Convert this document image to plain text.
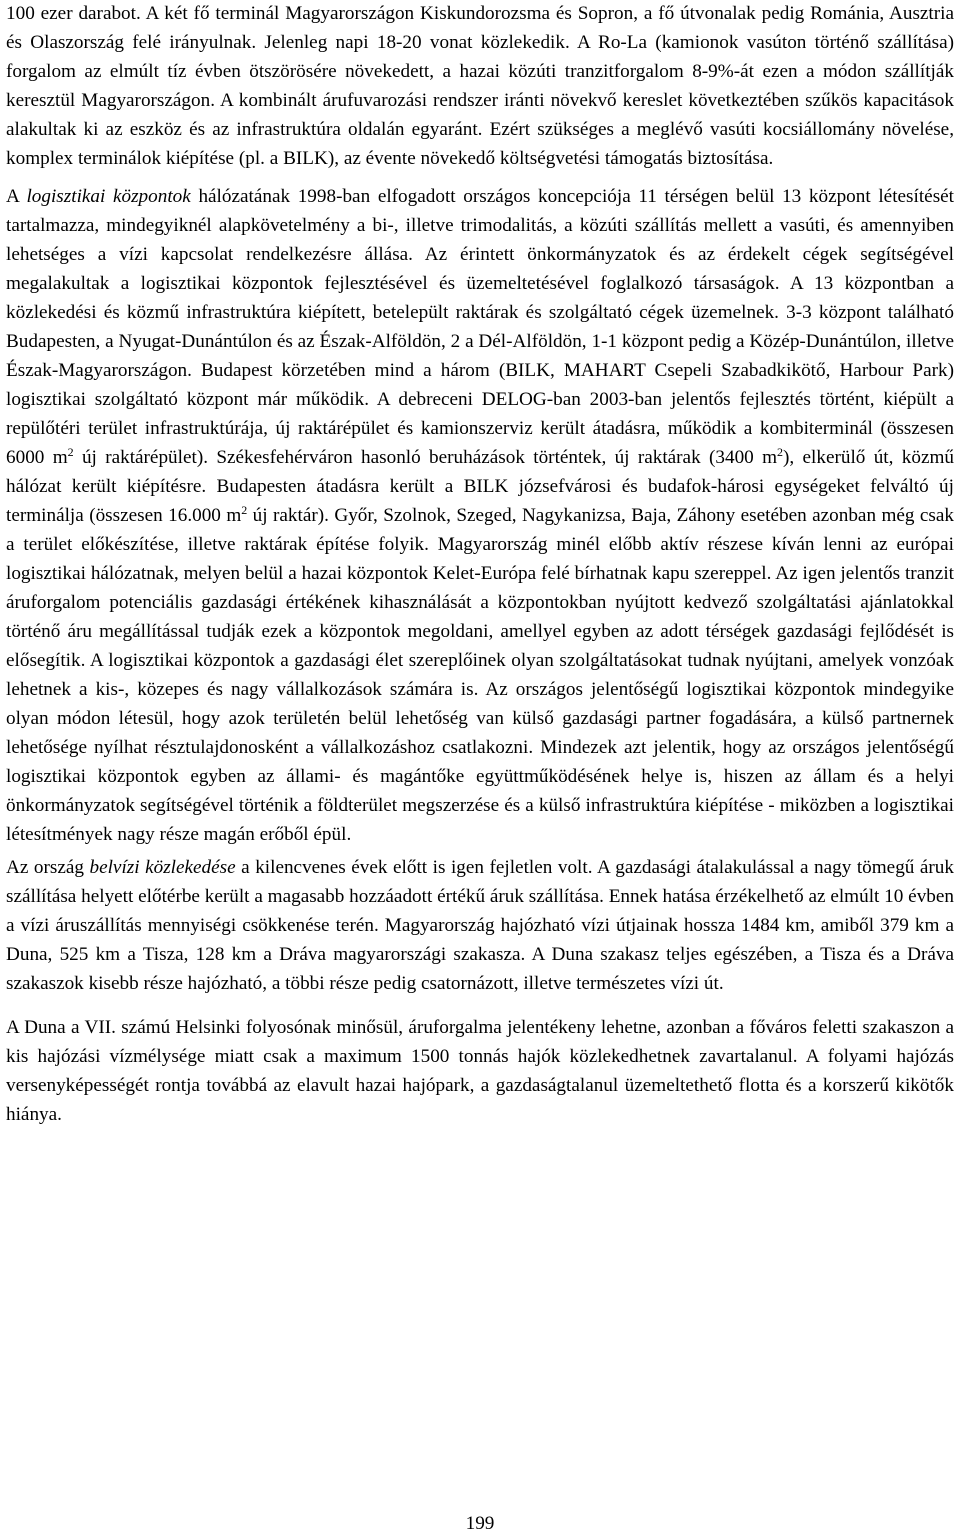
100 ezer darabot. A két fő terminál Magyarországon Kiskundorozsma és Sopron, a fő útvonalak pedig Románia, Ausztria és Olaszország felé irányulnak. Jelenleg napi 18-20 vonat közlekedik. A Ro-La (kamionok vasúton történő szállítása) forgalom az elmúlt tíz évben ötszörösére növekedett, a hazai közúti tranzitforgalom 8-9%-át ezen a módon szállítják keresztül Magyarországon. A kombinált árufuvarozási rendszer iránti növekvő kereslet következtében szűkös kapacitások alakultak ki az eszköz és az infrastruktúra oldalán egyaránt. Ezért szükséges a meglévő vasúti kocsiállomány növelése, komplex terminálok kiépítése (pl. a BILK), az évente növekedő költségvetési támogatás biztosítása.

A logisztikai központok hálózatának 1998-ban elfogadott országos koncepciója 11 térségen belül 13 központ létesítését tartalmazza, mindegyiknél alapkövetelmény a bi-, illetve trimodalitás, a közúti szállítás mellett a vasúti, és amennyiben lehetséges a vízi kapcsolat rendelkezésre állása. Az érintett önkormányzatok és az érdekelt cégek segítségével megalakultak a logisztikai központok fejlesztésével és üzemeltetésével foglalkozó társaságok. A 13 központban a közlekedési és közmű infrastruktúra kiépített, betelepült raktárak és szolgáltató cégek üzemelnek. 3-3 központ található Budapesten, a Nyugat-Dunántúlon és az Észak-Alföldön, 2 a Dél-Alföldön, 1-1 központ pedig a Közép-Dunántúlon, illetve Észak-Magyarországon. Budapest körzetében mind a három (BILK, MAHART Csepeli Szabadkikötő, Harbour Park) logisztikai szolgáltató központ már működik. A debreceni DELOG-ban 2003-ban jelentős fejlesztés történt, kiépült a repülőtéri terület infrastruktúrája, új raktárépület és kamionszerviz került átadásra, működik a kombiterminál (összesen 6000 $m^2$ új raktárépület). Székesfehérváron hasonló beruházások történtek, új raktárak (3400 $m^2$), elkerülő út, közmű hálózat került kiépítésre. Budapesten átadásra került a BILK józsefvárosi és budafok-hárosi egységeket felváltó új terminálja (összesen 16.000 $m^2$ új raktár). Győr, Szolnok, Szeged, Nagykanizsa, Baja, Záhony esetében azonban még csak a terület előkészítése, illetve raktárak építése folyik. Magyarország minél előbb aktív részese kíván lenni az európai logisztikai hálózatnak, melyen belül a hazai központok Kelet-Európa felé bírhatnak kapu szereppel. Az igen jelentős tranzit áruforgalom potenciális gazdasági értékének kihasználását a központokban nyújtott kedvező szolgáltatási ajánlatokkal történő áru megállítással tudják ezek a központok megoldani, amellyel egyben az adott térségek gazdasági fejlődését is elősegítik. A logisztikai központok a gazdasági élet szereplőinek olyan szolgáltatásokat tudnak nyújtani, amelyek vonzóak lehetnek a kis-, közepes és nagy vállalkozások számára is. Az országos jelentőségű logisztikai központok mindegyike olyan módon létesül, hogy azok területén belül lehetőség van külső gazdasági partner fogadására, a külső partnernek lehetősége nyílhat résztulajdonosként a vállalkozáshoz csatlakozni. Mindezek azt jelentik, hogy az országos jelentőségű logisztikai központok egyben az állami- és magántőke együttműködésének helye is, hiszen az állam és a helyi önkormányzatok segítségével történik a földterület megszerzése és a külső infrastruktúra kiépítése - miközben a logisztikai létesítmények nagy része magán erőből épül.

Az ország belvízi közlekedése a kilencvenes évek előtt is igen fejletlen volt. A gazdasági átalakulással a nagy tömegű áruk szállítása helyett előtérbe került a magasabb hozzáadott értékű áruk szállítása. Ennek hatása érzékelhető az elmúlt 10 évben a vízi áruszállítás mennyiségi csökkenése terén. Magyarország hajózható vízi útjainak hossza 1484 km, amiből 379 km a Duna, 525 km a Tisza, 128 km a Dráva magyarországi szakasza. A Duna szakasz teljes egészében, a Tisza és a Dráva szakaszok kisebb része hajózható, a többi része pedig csatornázott, illetve természetes vízi út.

A Duna a VII. számú Helsinki folyosónak minősül, áruforgalma jelentékeny lehetne, azonban a főváros feletti szakaszon a kis hajózási vízmélysége miatt csak a maximum 1500 tonnás hajók közlekedhetnek zavartalanul. A folyami hajózás versenyképességét rontja továbbá az elavult hazai hajópark, a gazdaságtalanul üzemeltethető flotta és a korszerű kikötők hiánya.

199
